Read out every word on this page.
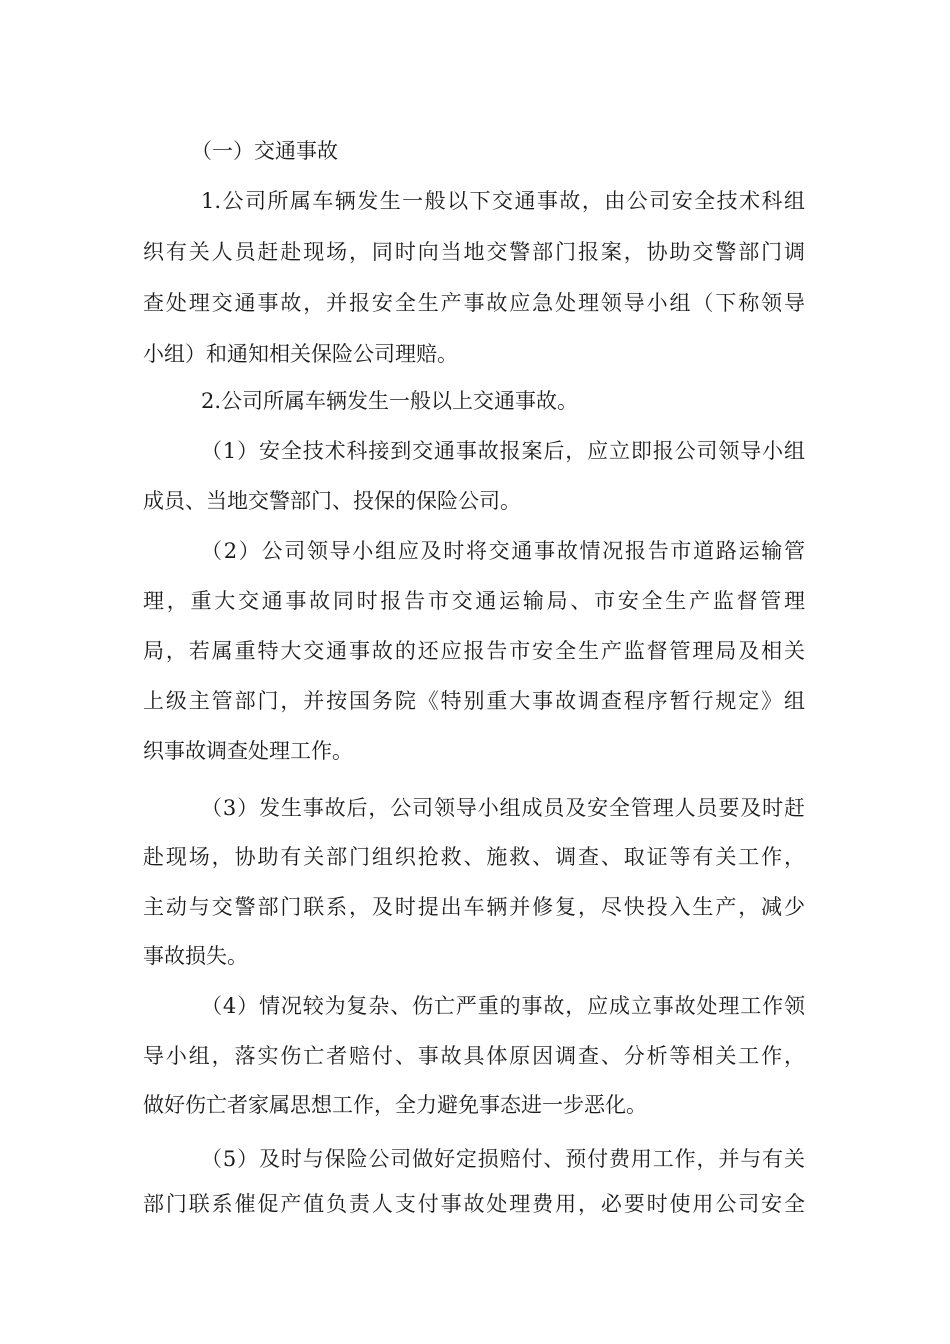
（一）交通事故
1.公司所属车辆发生一般以下交通事故，由公司安全技术科组
织有关人员赶赴现场，同时向当地交警部门报案，协助交警部门调
查处理交通事故，并报安全生产事故应急处理领导小组（下称领导
小组）和通知相关保险公司理赔。
2.公司所属车辆发生一般以上交通事故。
（1）安全技术科接到交通事故报案后，应立即报公司领导小组
成员、当地交警部门、投保的保险公司。
（2）公司领导小组应及时将交通事故情况报告市道路运输管
理，重大交通事故同时报告市交通运输局、市安全生产监督管理
局，若属重特大交通事故的还应报告市安全生产监督管理局及相关
上级主管部门，并按国务院《特别重大事故调查程序暂行规定》组
织事故调查处理工作。
（3）发生事故后，公司领导小组成员及安全管理人员要及时赶
赴现场，协助有关部门组织抢救、施救、调查、取证等有关工作，
主动与交警部门联系，及时提出车辆并修复，尽快投入生产，减少
事故损失。
（4）情况较为复杂、伤亡严重的事故，应成立事故处理工作领
导小组，落实伤亡者赔付、事故具体原因调查、分析等相关工作，
做好伤亡者家属思想工作，全力避免事态进一步恶化。
（5）及时与保险公司做好定损赔付、预付费用工作，并与有关
部门联系催促产值负责人支付事故处理费用，必要时使用公司安全
